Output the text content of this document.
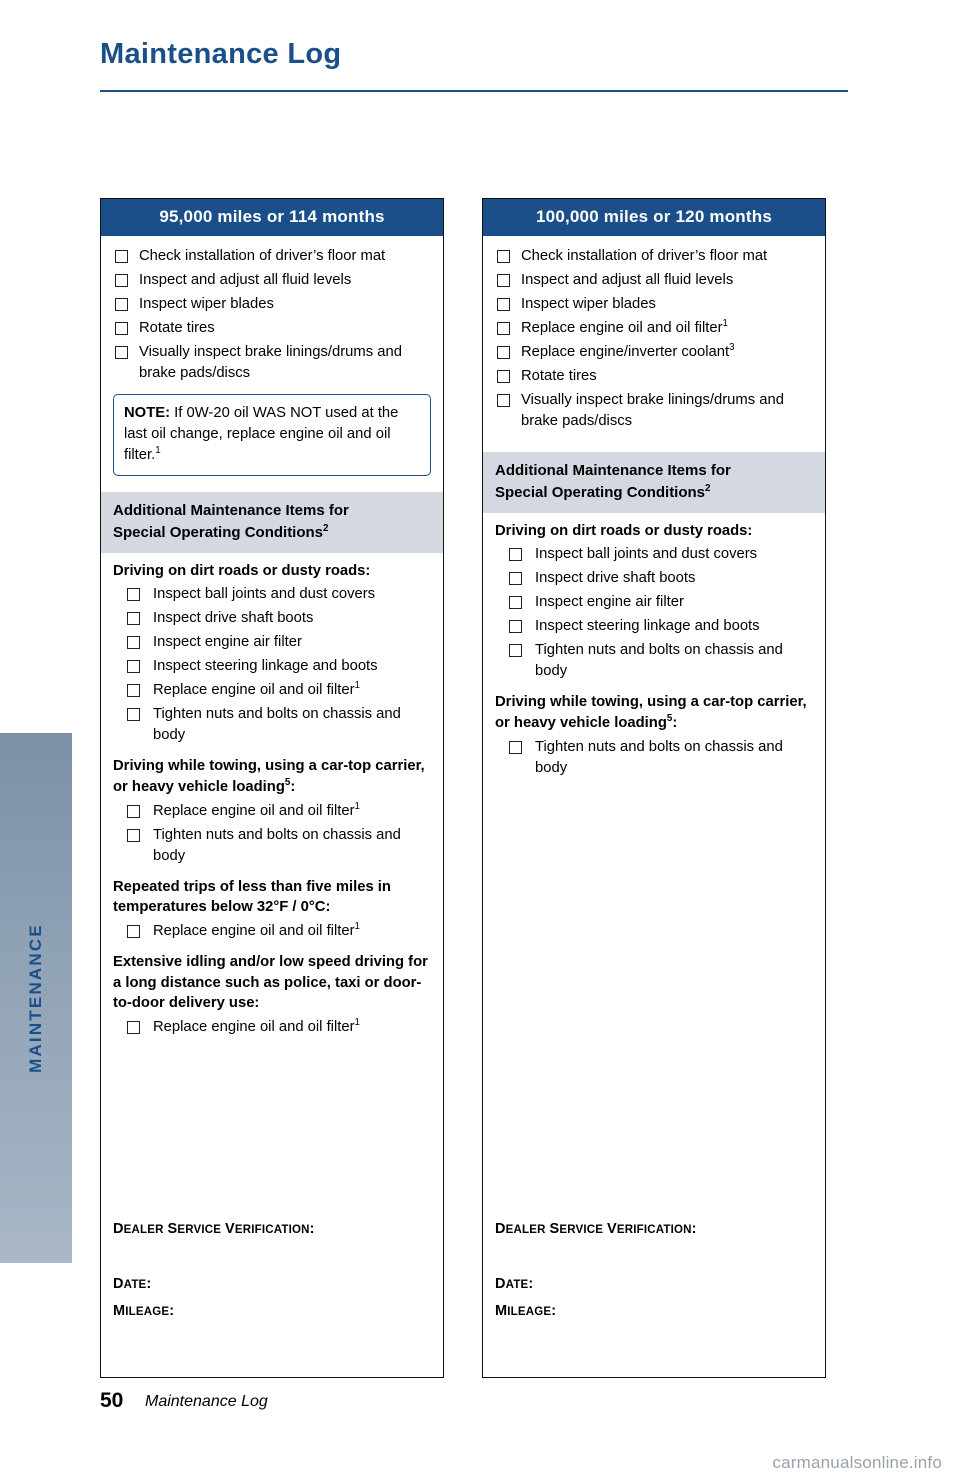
Maintenance Log
MAINTENANCE
95,000 miles or 114 months
Check installation of driver’s floor mat
Inspect and adjust all fluid levels
Inspect wiper blades
Rotate tires
Visually inspect brake linings/drums and brake pads/discs
NOTE: If 0W-20 oil WAS NOT used at the last oil change, replace engine oil and oil filter.$^1$
Additional Maintenance Items for
Special Operating Conditions$^2$
Driving on dirt roads or dusty roads:
Inspect ball joints and dust covers
Inspect drive shaft boots
Inspect engine air filter
Inspect steering linkage and boots
Replace engine oil and oil filter$^1$
Tighten nuts and bolts on chassis and body
Driving while towing, using a car-top carrier, or heavy vehicle loading$^5$:
Replace engine oil and oil filter$^1$
Tighten nuts and bolts on chassis and body
Repeated trips of less than five miles in temperatures below 32°F / 0°C:
Replace engine oil and oil filter$^1$
Extensive idling and/or low speed driving for a long distance such as police, taxi or door-to-door delivery use:
Replace engine oil and oil filter$^1$
DEALER SERVICE VERIFICATION:
DATE:
MILEAGE:
100,000 miles or 120 months
Check installation of driver’s floor mat
Inspect and adjust all fluid levels
Inspect wiper blades
Replace engine oil and oil filter$^1$
Replace engine/inverter coolant$^3$
Rotate tires
Visually inspect brake linings/drums and brake pads/discs
Additional Maintenance Items for
Special Operating Conditions$^2$
Driving on dirt roads or dusty roads:
Inspect ball joints and dust covers
Inspect drive shaft boots
Inspect engine air filter
Inspect steering linkage and boots
Tighten nuts and bolts on chassis and body
Driving while towing, using a car-top carrier, or heavy vehicle loading$^5$:
Tighten nuts and bolts on chassis and body
DEALER SERVICE VERIFICATION:
DATE:
MILEAGE:
50 Maintenance Log
carmanualsonline.info
